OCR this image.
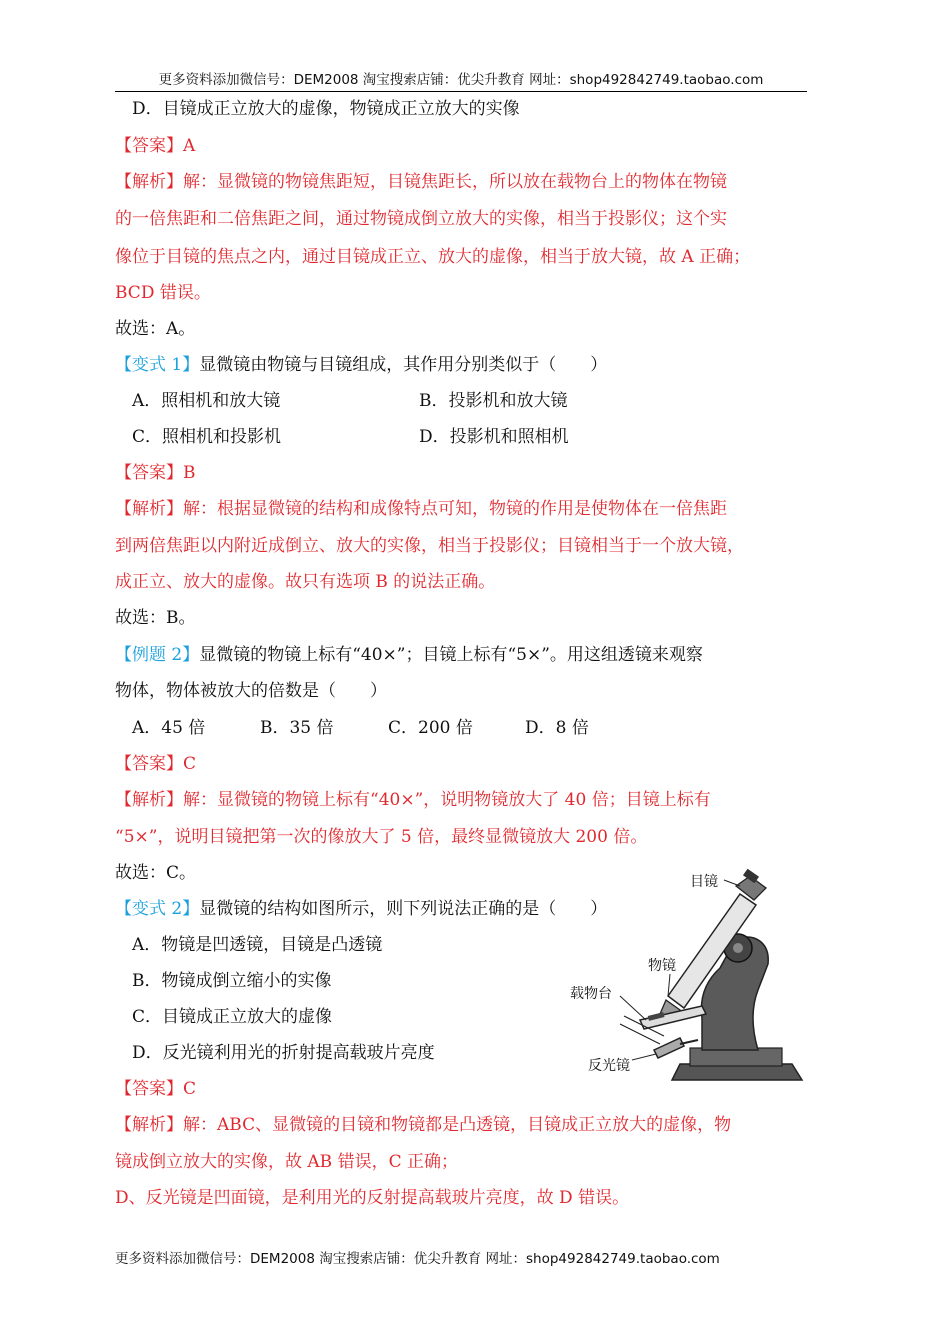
更多资料添加微信号：DEM2008 淘宝搜索店铺：优尖升教育 网址：shop492842749.taobao.com
D．目镜成正立放大的虚像，物镜成正立放大的实像
【答案】A
【解析】解：显微镜的物镜焦距短，目镜焦距长，所以放在载物台上的物体在物镜
的一倍焦距和二倍焦距之间，通过物镜成倒立放大的实像，相当于投影仪；这个实
像位于目镜的焦点之内，通过目镜成正立、放大的虚像，相当于放大镜，故 A 正确；
BCD 错误。
故选：A。
【变式 1】显微镜由物镜与目镜组成，其作用分别类似于（　　）
A．照相机和放大镜	B．投影机和放大镜
C．照相机和投影机	D．投影机和照相机
【答案】B
【解析】解：根据显微镜的结构和成像特点可知，物镜的作用是使物体在一倍焦距
到两倍焦距以内附近成倒立、放大的实像，相当于投影仪；目镜相当于一个放大镜，
成正立、放大的虚像。故只有选项 B 的说法正确。
故选：B。
【例题 2】显微镜的物镜上标有“40×”；目镜上标有“5×”。用这组透镜来观察
物体，物体被放大的倍数是（　　）
A．45 倍	B．35 倍	C．200 倍	D．8 倍
【答案】C
【解析】解：显微镜的物镜上标有“40×”，说明物镜放大了 40 倍；目镜上标有
“5×”，说明目镜把第一次的像放大了 5 倍，最终显微镜放大 200 倍。
故选：C。
【变式 2】显微镜的结构如图所示，则下列说法正确的是（　　）
A．物镜是凹透镜，目镜是凸透镜
B．物镜成倒立缩小的实像
C．目镜成正立放大的虚像
D．反光镜利用光的折射提高载玻片亮度
【答案】C
【解析】解：ABC、显微镜的目镜和物镜都是凸透镜，目镜成正立放大的虚像，物
镜成倒立放大的实像，故 AB 错误，C 正确；
D、反光镜是凹面镜，是利用光的反射提高载玻片亮度，故 D 错误。
目镜
物镜
载物台
反光镜
更多资料添加微信号：DEM2008 淘宝搜索店铺：优尖升教育 网址：shop492842749.taobao.com
